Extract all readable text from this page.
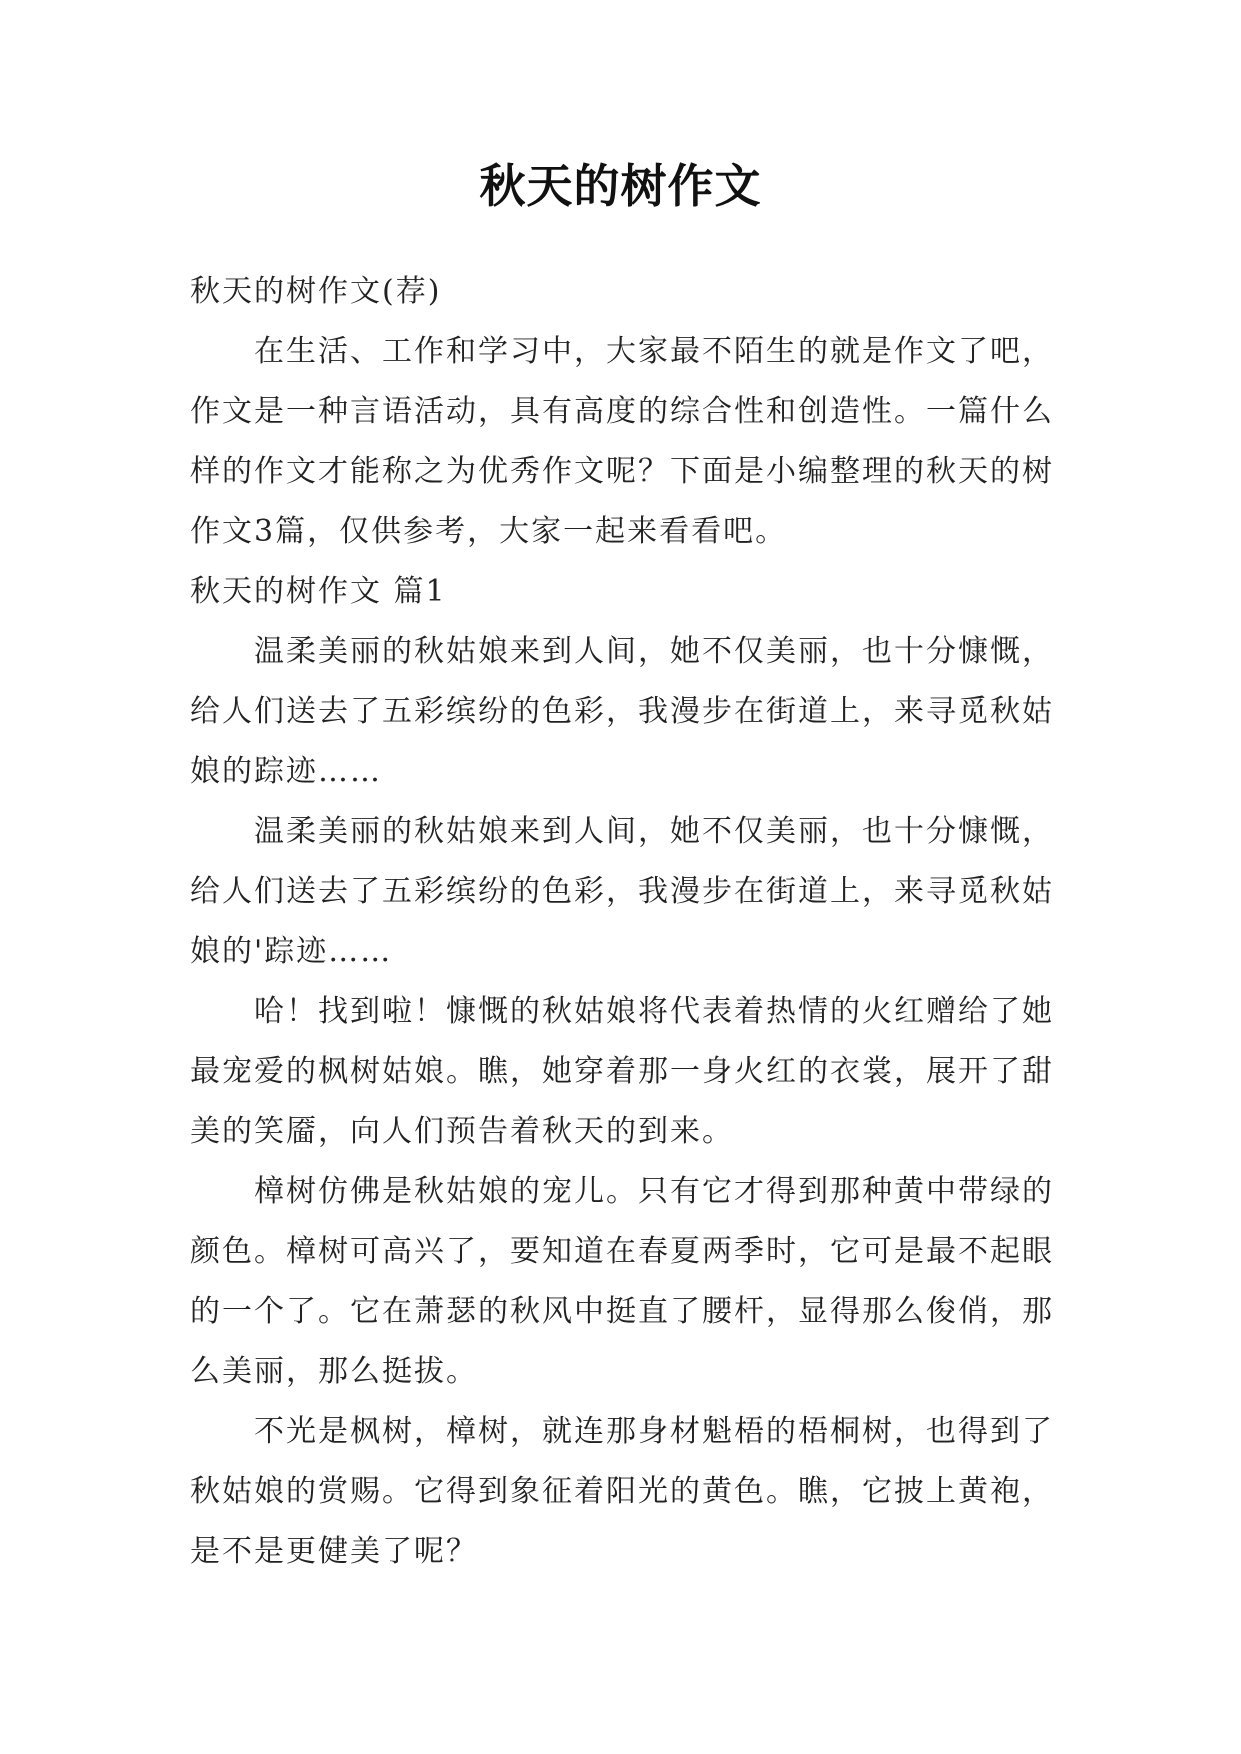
秋天的树作文

秋天的树作文(荐)

在生活、工作和学习中，大家最不陌生的就是作文了吧，作文是一种言语活动，具有高度的综合性和创造性。一篇什么样的作文才能称之为优秀作文呢？下面是小编整理的秋天的树作文3篇，仅供参考，大家一起来看看吧。

秋天的树作文 篇1

温柔美丽的秋姑娘来到人间，她不仅美丽，也十分慷慨，给人们送去了五彩缤纷的色彩，我漫步在街道上，来寻觅秋姑娘的踪迹……

温柔美丽的秋姑娘来到人间，她不仅美丽，也十分慷慨，给人们送去了五彩缤纷的色彩，我漫步在街道上，来寻觅秋姑娘的'踪迹……

哈！找到啦！慷慨的秋姑娘将代表着热情的火红赠给了她最宠爱的枫树姑娘。瞧，她穿着那一身火红的衣裳，展开了甜美的笑靥，向人们预告着秋天的到来。

樟树仿佛是秋姑娘的宠儿。只有它才得到那种黄中带绿的颜色。樟树可高兴了，要知道在春夏两季时，它可是最不起眼的一个了。它在萧瑟的秋风中挺直了腰杆，显得那么俊俏，那么美丽，那么挺拔。

不光是枫树，樟树，就连那身材魁梧的梧桐树，也得到了秋姑娘的赏赐。它得到象征着阳光的黄色。瞧，它披上黄袍，是不是更健美了呢？
